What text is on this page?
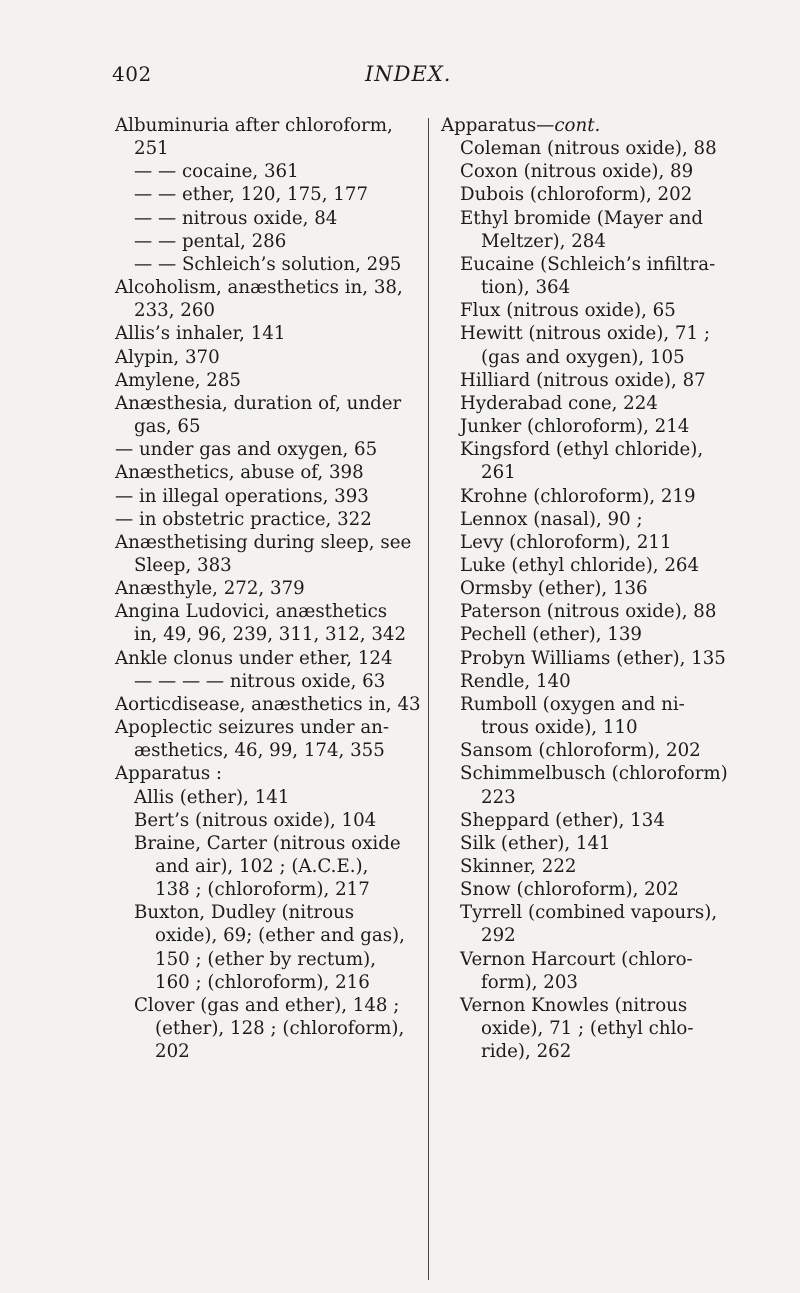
402	INDEX.
Albuminuria after chloroform,
251
— — cocaine, 361
— — ether, 120, 175, 177
— — nitrous oxide, 84
— — pental, 286
— — Schleich’s solution, 295
Alcoholism, anæsthetics in, 38,
233, 260
Allis’s inhaler, 141
Alypin, 370
Amylene, 285
Anæsthesia, duration of, under
gas, 65
— under gas and oxygen, 65
Anæsthetics, abuse of, 398
— in illegal operations, 393
— in obstetric practice, 322
Anæsthetising during sleep, see
Sleep, 383
Anæsthyle, 272, 379
Angina Ludovici, anæsthetics
in, 49, 96, 239, 311, 312, 342
Ankle clonus under ether, 124
— — — — nitrous oxide, 63
Aorticdisease, anæsthetics in, 43
Apoplectic seizures under an-
æsthetics, 46, 99, 174, 355
Apparatus :
Allis (ether), 141
Bert’s (nitrous oxide), 104
Braine, Carter (nitrous oxide
and air), 102 ; (A.C.E.),
138 ; (chloroform), 217
Buxton, Dudley (nitrous
oxide), 69; (ether and gas),
150 ; (ether by rectum),
160 ; (chloroform), 216
Clover (gas and ether), 148 ;
(ether), 128 ; (chloroform),
202
Apparatus—cont.
Coleman (nitrous oxide), 88
Coxon (nitrous oxide), 89
Dubois (chloroform), 202
Ethyl bromide (Mayer and
Meltzer), 284
Eucaine (Schleich’s infiltra-
tion), 364
Flux (nitrous oxide), 65
Hewitt (nitrous oxide), 71 ;
(gas and oxygen), 105
Hilliard (nitrous oxide), 87
Hyderabad cone, 224
Junker (chloroform), 214
Kingsford (ethyl chloride),
261
Krohne (chloroform), 219
Lennox (nasal), 90 ;
Levy (chloroform), 211
Luke (ethyl chloride), 264
Ormsby (ether), 136
Paterson (nitrous oxide), 88
Pechell (ether), 139
Probyn Williams (ether), 135
Rendle, 140
Rumboll (oxygen and ni-
trous oxide), 110
Sansom (chloroform), 202
Schimmelbusch (chloroform)
223
Sheppard (ether), 134
Silk (ether), 141
Skinner, 222
Snow (chloroform), 202
Tyrrell (combined vapours),
292
Vernon Harcourt (chloro-
form), 203
Vernon Knowles (nitrous
oxide), 71 ; (ethyl chlo-
ride), 262
